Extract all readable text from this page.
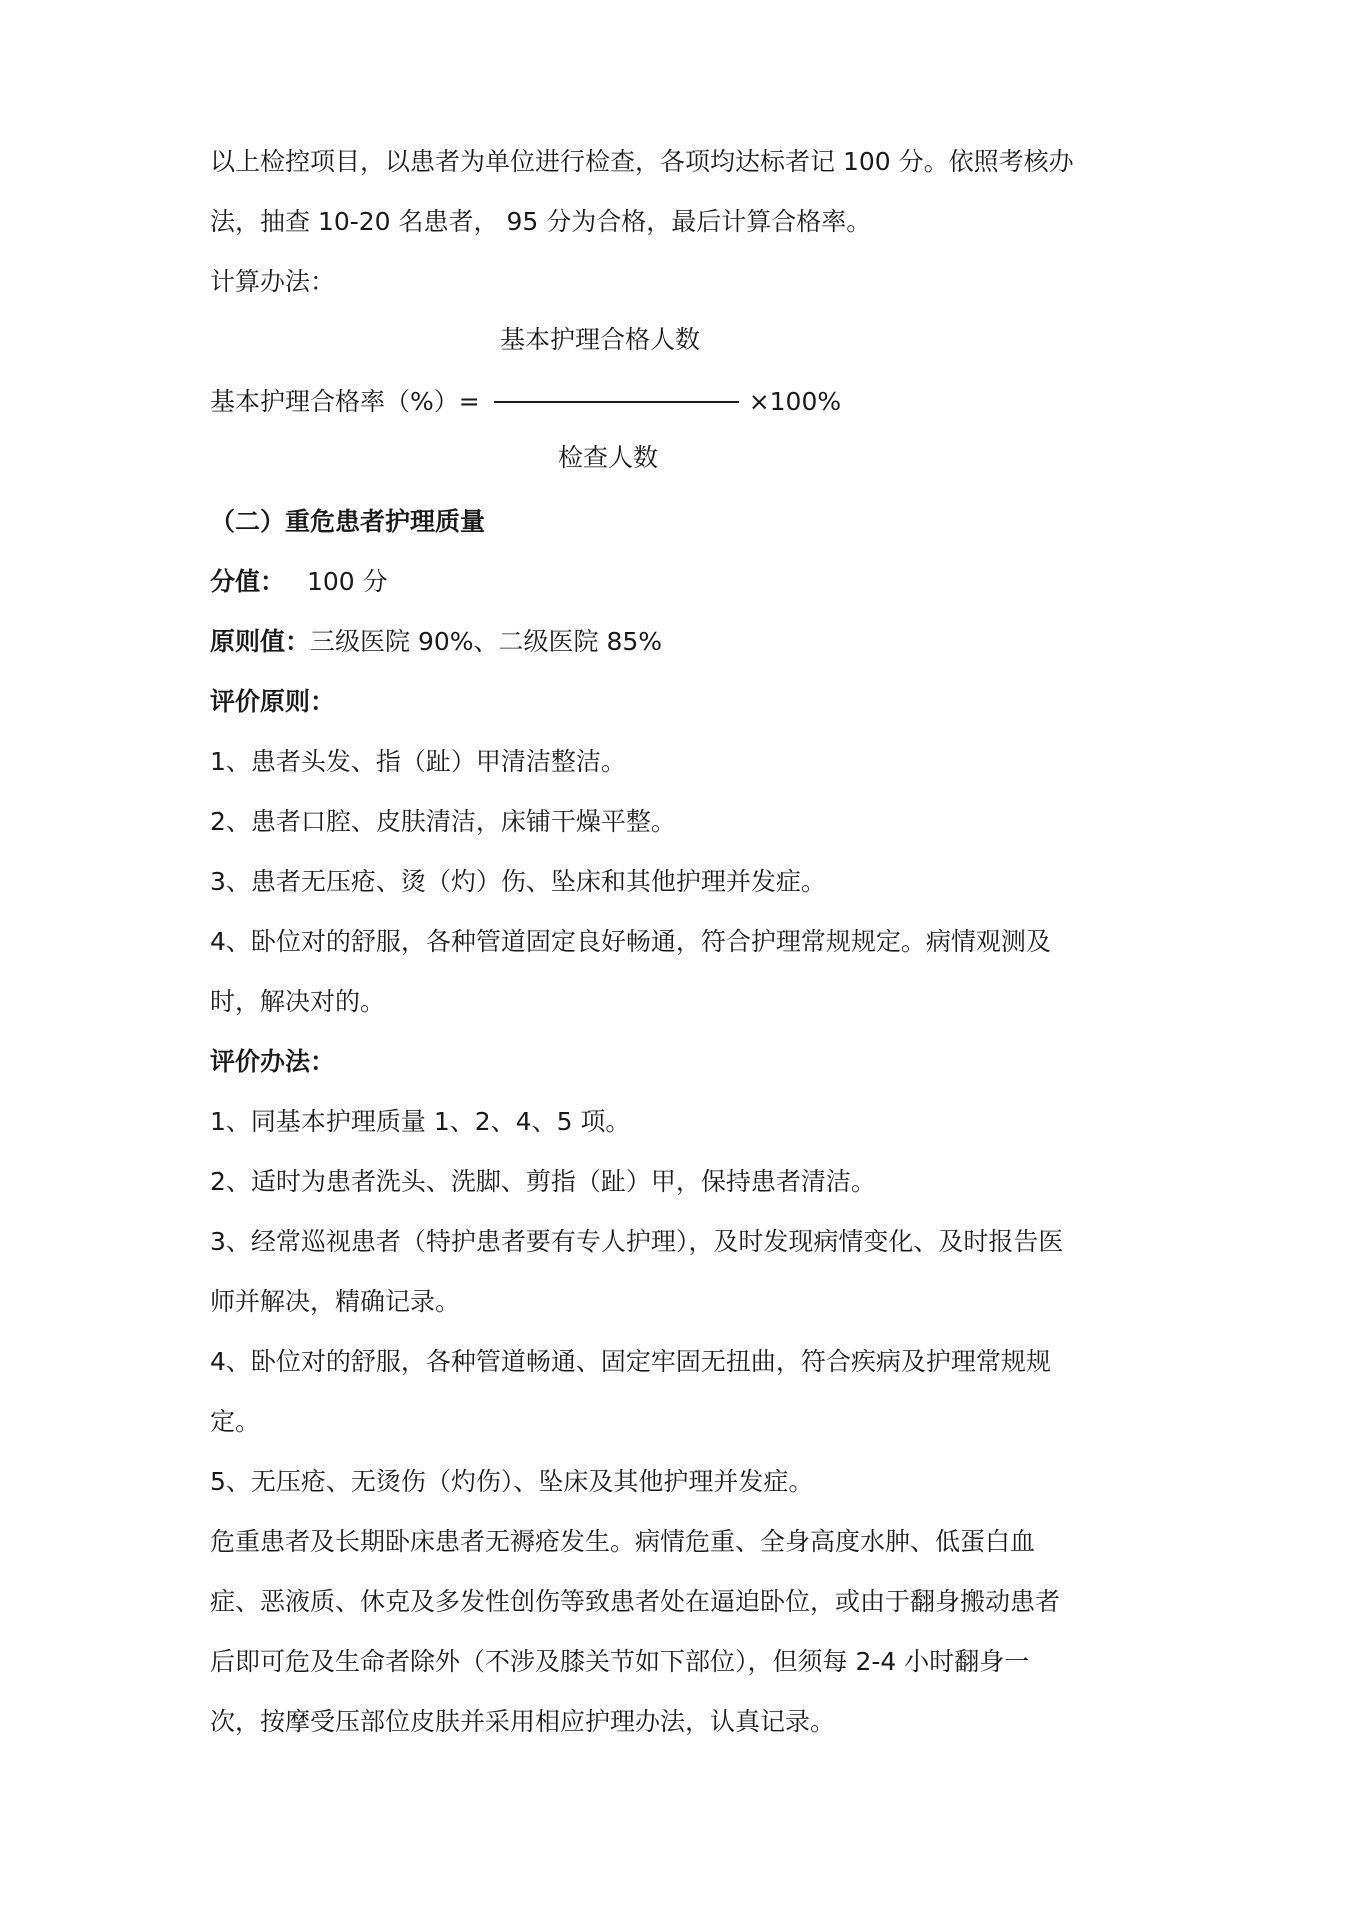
以上检控项目，以患者为单位进行检查，各项均达标者记 100 分。依照考核办
法，抽查 10-20 名患者， 95 分为合格，最后计算合格率。
计算办法：
基本护理合格人数
基本护理合格率（%）=	×100%
检查人数
（二）重危患者护理质量
分值： 100 分
原则值：三级医院 90%、二级医院 85%
评价原则：
1、患者头发、指（趾）甲清洁整洁。
2、患者口腔、皮肤清洁，床铺干燥平整。
3、患者无压疮、烫（灼）伤、坠床和其他护理并发症。
4、卧位对的舒服，各种管道固定良好畅通，符合护理常规规定。病情观测及
时，解决对的。
评价办法：
1、同基本护理质量 1、2、4、5 项。
2、适时为患者洗头、洗脚、剪指（趾）甲，保持患者清洁。
3、经常巡视患者（特护患者要有专人护理），及时发现病情变化、及时报告医
师并解决，精确记录。
4、卧位对的舒服，各种管道畅通、固定牢固无扭曲，符合疾病及护理常规规
定。
5、无压疮、无烫伤（灼伤）、坠床及其他护理并发症。
危重患者及长期卧床患者无褥疮发生。病情危重、全身高度水肿、低蛋白血
症、恶液质、休克及多发性创伤等致患者处在逼迫卧位，或由于翻身搬动患者
后即可危及生命者除外（不涉及膝关节如下部位），但须每 2-4 小时翻身一
次，按摩受压部位皮肤并采用相应护理办法，认真记录。
